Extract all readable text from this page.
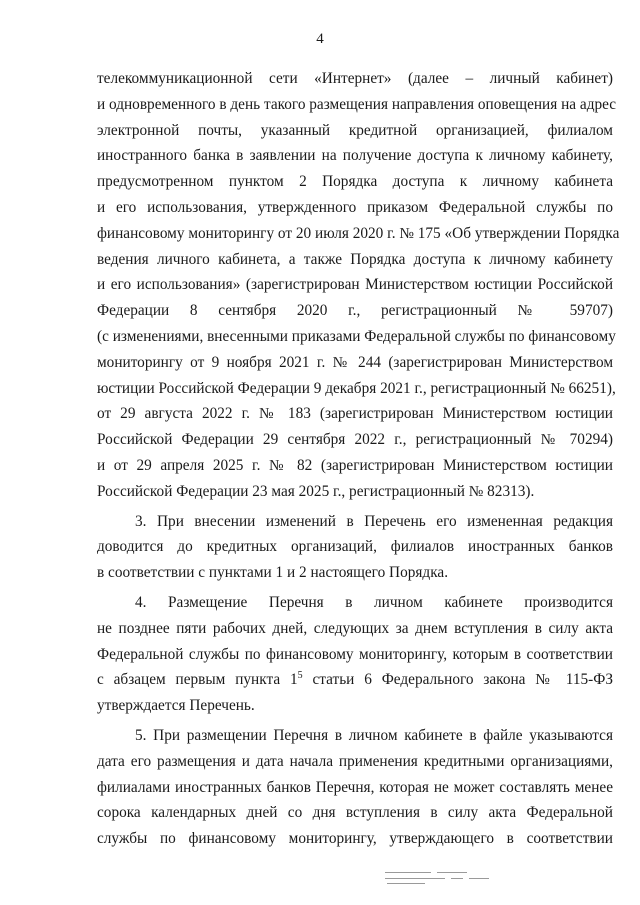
4
телекоммуникационной сети «Интернет» (далее – личный кабинет)
и одновременного в день такого размещения направления оповещения на адрес
электронной почты, указанный кредитной организацией, филиалом
иностранного банка в заявлении на получение доступа к личному кабинету,
предусмотренном пунктом 2 Порядка доступа к личному кабинета
и его использования, утвержденного приказом Федеральной службы по
финансовому мониторингу от 20 июля 2020 г. № 175 «Об утверждении Порядка
ведения личного кабинета, а также Порядка доступа к личному кабинету
и его использования» (зарегистрирован Министерством юстиции Российской
Федерации 8 сентября 2020 г., регистрационный № 59707)
(с изменениями, внесенными приказами Федеральной службы по финансовому
мониторингу от 9 ноября 2021 г. № 244 (зарегистрирован Министерством
юстиции Российской Федерации 9 декабря 2021 г., регистрационный № 66251),
от 29 августа 2022 г. № 183 (зарегистрирован Министерством юстиции
Российской Федерации 29 сентября 2022 г., регистрационный № 70294)
и от 29 апреля 2025 г. № 82 (зарегистрирован Министерством юстиции
Российской Федерации 23 мая 2025 г., регистрационный № 82313).
3. При внесении изменений в Перечень его измененная редакция
доводится до кредитных организаций, филиалов иностранных банков
в соответствии с пунктами 1 и 2 настоящего Порядка.
4. Размещение Перечня в личном кабинете производится
не позднее пяти рабочих дней, следующих за днем вступления в силу акта
Федеральной службы по финансовому мониторингу, которым в соответствии
с абзацем первым пункта $1^5$ статьи 6 Федерального закона № 115-ФЗ
утверждается Перечень.
5. При размещении Перечня в личном кабинете в файле указываются
дата его размещения и дата начала применения кредитными организациями,
филиалами иностранных банков Перечня, которая не может составлять менее
сорока календарных дней со дня вступления в силу акта Федеральной
службы по финансовому мониторингу, утверждающего в соответствии
